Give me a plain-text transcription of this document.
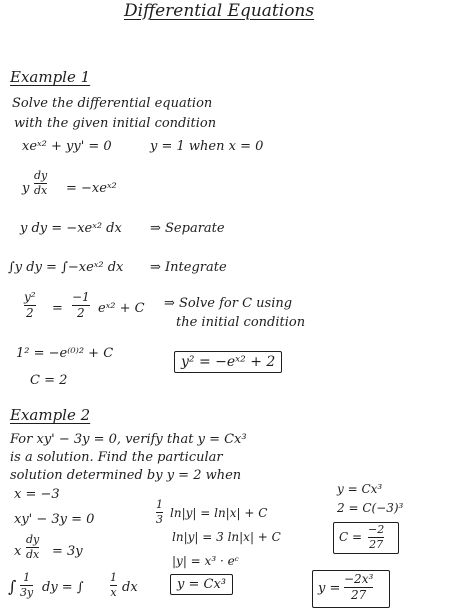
Differential Equations
Example 1
Solve the differential equation
with the given initial condition
xeˣ² + yy' = 0	y = 1 when x = 0
y
dy
dx = −xeˣ²
y dy = −xeˣ² dx ⇒ Separate
∫y dy = ∫−xeˣ² dx ⇒ Integrate
y²
2 =
−1
2 eˣ² + C ⇒ Solve for C using
the initial condition
1² = −e⁽⁰⁾² + C
C = 2
y² = −eˣ² + 2
Example 2
For xy' − 3y = 0, verify that y = Cx³
is a solution. Find the particular
solution determined by y = 2 when
x = −3
xy' − 3y = 0
x
dy
dx = 3y
∫ 1
3y dy = ∫
1
x dx
1
3 ln|y| = ln|x| + C
ln|y| = 3 ln|x| + C
|y| = x³ · eᶜ
y = Cx³
y = Cx³
2 = C(−3)³
C =
−2
27
y =
−2x³
27
